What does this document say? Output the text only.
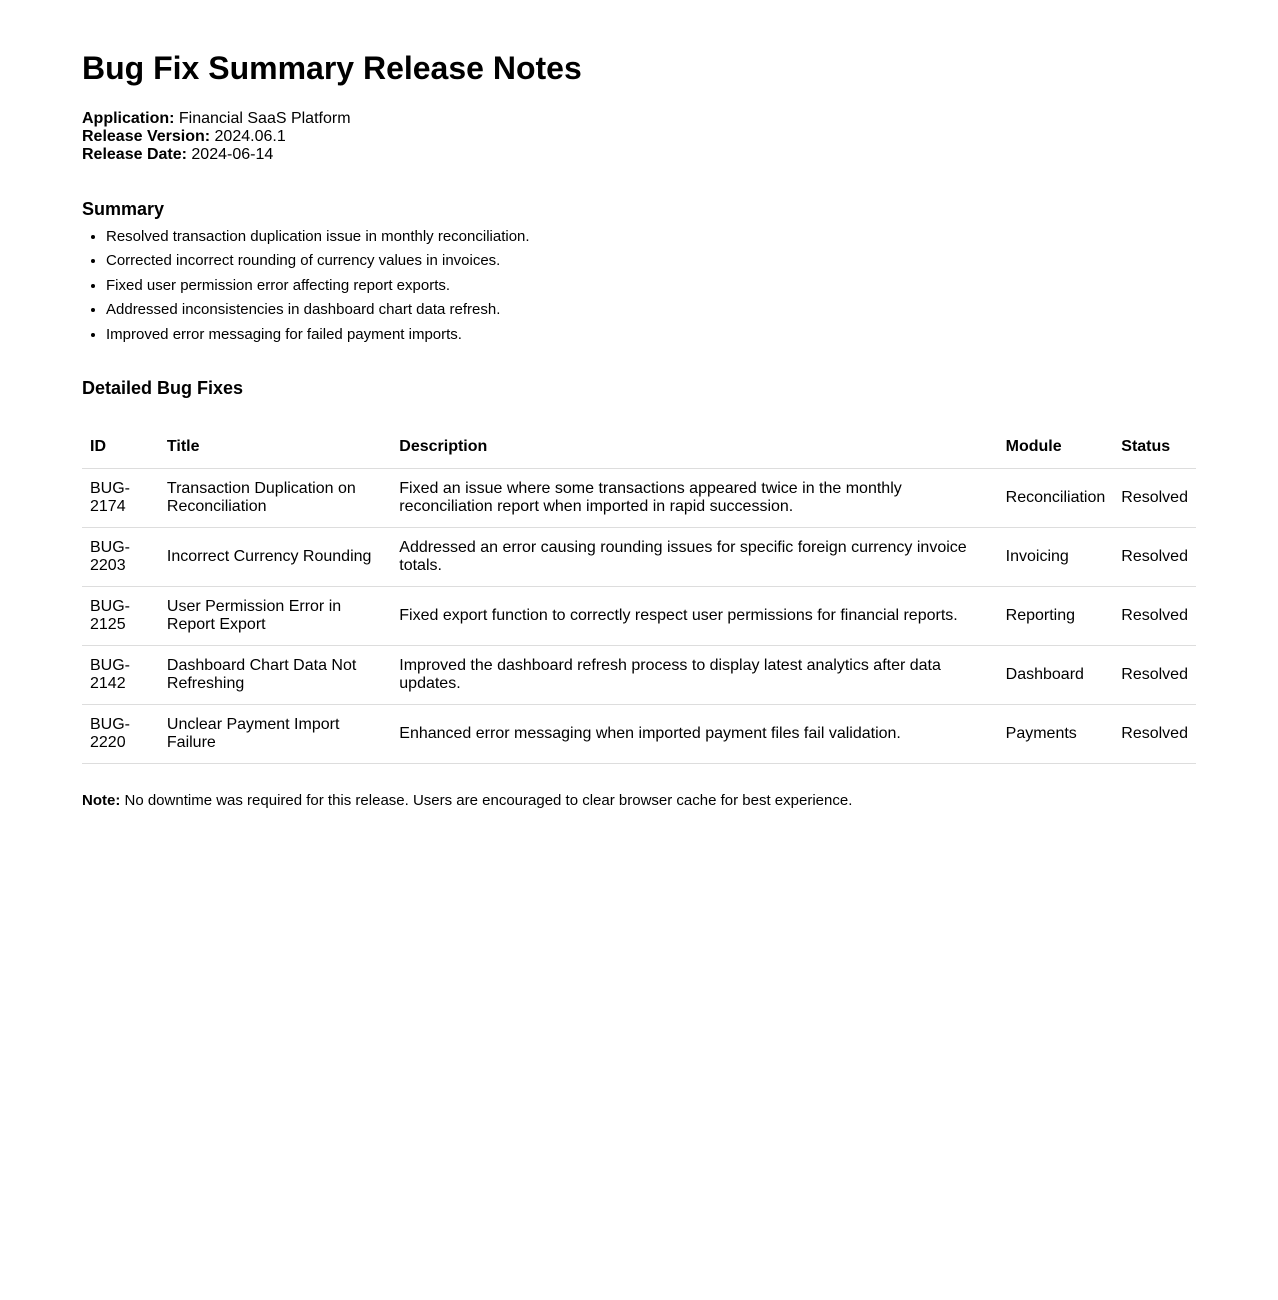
Bug Fix Summary Release Notes
Application: Financial SaaS Platform
Release Version: 2024.06.1
Release Date: 2024-06-14
Summary
• Resolved transaction duplication issue in monthly reconciliation.
• Corrected incorrect rounding of currency values in invoices.
• Fixed user permission error affecting report exports.
• Addressed inconsistencies in dashboard chart data refresh.
• Improved error messaging for failed payment imports.
Detailed Bug Fixes
ID	Title	Description	Module	Status
BUG-2174	Transaction Duplication on Reconciliation	Fixed an issue where some transactions appeared twice in the monthly reconciliation report when imported in rapid succession.	Reconciliation	Resolved
BUG-2203	Incorrect Currency Rounding	Addressed an error causing rounding issues for specific foreign currency invoice totals.	Invoicing	Resolved
BUG-2125	User Permission Error in Report Export	Fixed export function to correctly respect user permissions for financial reports.	Reporting	Resolved
BUG-2142	Dashboard Chart Data Not Refreshing	Improved the dashboard refresh process to display latest analytics after data updates.	Dashboard	Resolved
BUG-2220	Unclear Payment Import Failure	Enhanced error messaging when imported payment files fail validation.	Payments	Resolved

Note: No downtime was required for this release. Users are encouraged to clear browser cache for best experience.
